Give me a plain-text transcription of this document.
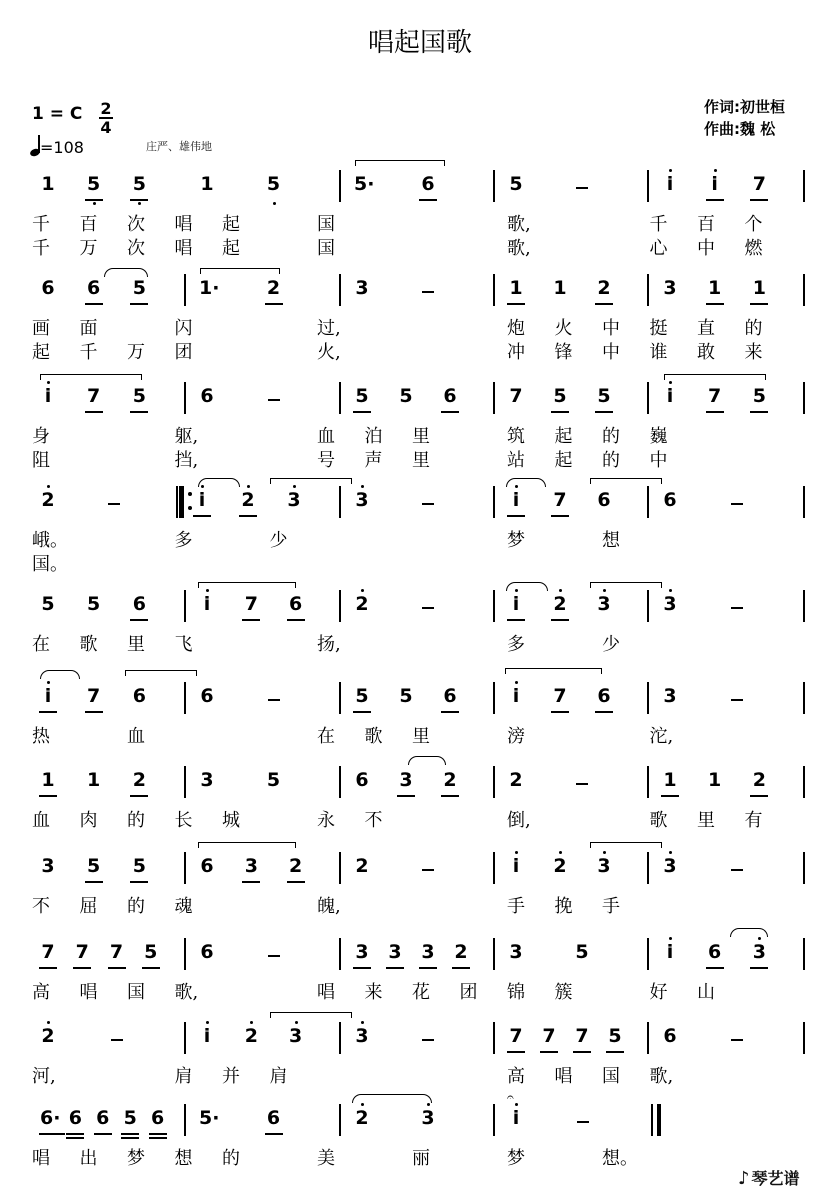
唱起国歌
1 = C 2
4
=108	庄严、雄伟地
作词:初世桓
作曲:魏 松
1 5 5	1	5	5· 6	5	i i 7
千 百 次 唱 起	国	歌,	千 百 个
千 万 次 唱 起	国	歌,	心 中 燃
6 6 5	1· 2	3	1 1 2	3 1 1
画 面	闪	过,	炮 火 中 挺 直 的
起 千 万 团	火,	冲 锋 中 谁 敢 来
i 7 5	6	5 5 6	7 5 5	i 7 5
身	躯,	血 泊 里	筑 起 的 巍
阻	挡,	号 声 里	站 起 的 中
2	i 2 3	3	i 7 6	6
峨。	多	少	梦	想
国。
5 5 6	i 7 6	2	i 2 3	3
在 歌 里 飞	扬,	多	少
i 7 6	6	5 5 6	i 7 6	3
热	血	在 歌 里	滂	沱,
1 1 2	3	5	6 3 2	2	1 1 2
血 肉 的 长 城	永 不	倒,	歌 里 有
3 5 5	6 3 2	2	i 2 3	3
不 屈 的 魂	魄,	手 挽 手
7 7 7 5 6	3 3 3 2 3	5	i 6 3
高 唱 国 歌,	唱 来 花 团 锦 簇	好 山
2	i 2 3	3	7 7 7 5 6
河,	肩 并 肩	高 唱 国 歌,
6· 6 6 5 6 5· 6	2	3	i
唱 出 梦 想 的	美	丽	梦	想。
𝄐
♪ 琴艺谱
